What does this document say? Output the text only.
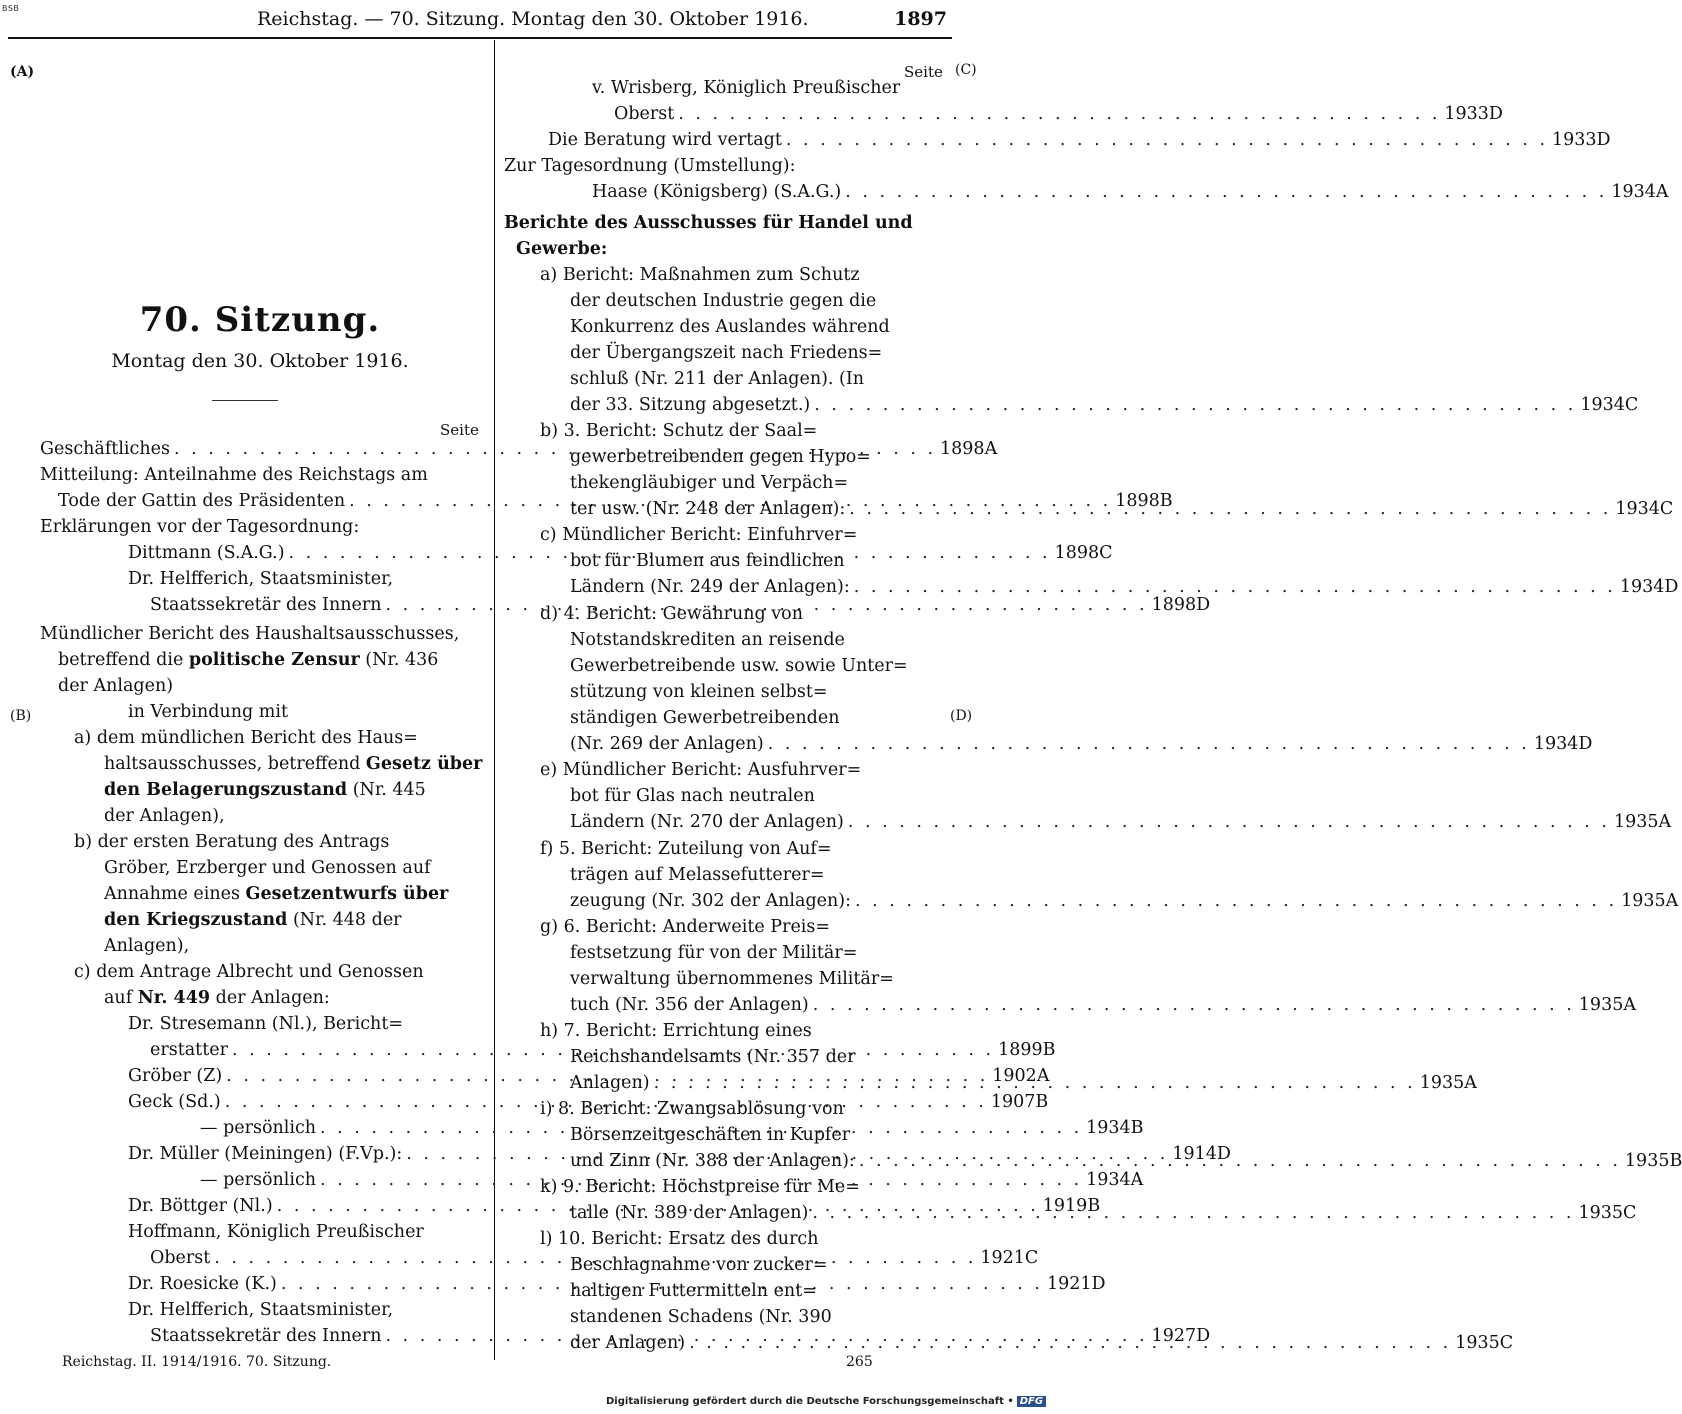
BSB	Reichstag. — 70. Sitzung. Montag den 30. Oktober 1916.	1897
(A)
(B)
(C)
(D)
70. Sitzung.
Montag den 30. Oktober 1916.
Seite
Geschäftliches . . .	1898A
Mitteilung: Anteilnahme des Reichstags am
Tode der Gattin des Präsidenten . . .	1898B
Erklärungen vor der Tagesordnung:
Dittmann (S.A.G.) . . .	1898C
Dr. Helfferich, Staatsminister,
Staatssekretär des Innern . . .	1898D
Mündlicher Bericht des Haushaltsausschusses,
betreffend die politische Zensur (Nr. 436
der Anlagen)
in Verbindung mit
a) dem mündlichen Bericht des Haus=
haltsausschusses, betreffend Gesetz über
den Belagerungszustand (Nr. 445
der Anlagen),
b) der ersten Beratung des Antrags
Gröber, Erzberger und Genossen auf
Annahme eines Gesetzentwurfs über
den Kriegszustand (Nr. 448 der
Anlagen),
c) dem Antrage Albrecht und Genossen
auf Nr. 449 der Anlagen:
Dr. Stresemann (Nl.), Bericht=
erstatter . . .	1899B
Gröber (Z) . . .	1902A
Geck (Sd.) . . .	1907B
— persönlich . . .	1934B
Dr. Müller (Meiningen) (F.Vp.): . . .	1914D
— persönlich . . .	1934A
Dr. Böttger (Nl.) . . .	1919B
Hoffmann, Königlich Preußischer
Oberst . . .	1921C
Dr. Roesicke (K.) . . .	1921D
Dr. Helfferich, Staatsminister,
Staatssekretär des Innern . . .	1927D
Seite
v. Wrisberg, Königlich Preußischer
Oberst . . .	1933D
Die Beratung wird vertagt . . .	1933D
Zur Tagesordnung (Umstellung):
Haase (Königsberg) (S.A.G.) . . .	1934A
Berichte des Ausschusses für Handel und
Gewerbe:
a) Bericht: Maßnahmen zum Schutz
der deutschen Industrie gegen die
Konkurrenz des Auslandes während
der Übergangszeit nach Friedens=
schluß (Nr. 211 der Anlagen). (In
der 33. Sitzung abgesetzt.) . . .	1934C
b) 3. Bericht: Schutz der Saal=
gewerbetreibenden gegen Hypo=
thekengläubiger und Verpäch=
ter usw. (Nr. 248 der Anlagen): . . .	1934C
c) Mündlicher Bericht: Einfuhrver=
bot für Blumen aus feindlichen
Ländern (Nr. 249 der Anlagen): . . .	1934D
d) 4. Bericht: Gewährung von
Notstandskrediten an reisende
Gewerbetreibende usw. sowie Unter=
stützung von kleinen selbst=
ständigen Gewerbetreibenden
(Nr. 269 der Anlagen) . . .	1934D
e) Mündlicher Bericht: Ausfuhrver=
bot für Glas nach neutralen
Ländern (Nr. 270 der Anlagen) . . .	1935A
f) 5. Bericht: Zuteilung von Auf=
trägen auf Melassefutterer=
zeugung (Nr. 302 der Anlagen): . . .	1935A
g) 6. Bericht: Anderweite Preis=
festsetzung für von der Militär=
verwaltung übernommenes Militär=
tuch (Nr. 356 der Anlagen) . . .	1935A
h) 7. Bericht: Errichtung eines
Reichshandelsamts (Nr. 357 der
Anlagen) . . .	1935A
i) 8. Bericht: Zwangsablösung von
Börsenzeitgeschäften in Kupfer
und Zinn (Nr. 388 der Anlagen): . . .	1935B
k) 9. Bericht: Höchstpreise für Me=
talle (Nr. 389 der Anlagen) . . .	1935C
l) 10. Bericht: Ersatz des durch
Beschlagnahme von zucker=
haltigen Futtermitteln ent=
standenen Schadens (Nr. 390
der Anlagen) . . .	1935C
Reichstag. II. 1914/1916. 70. Sitzung.	265
Digitalisierung gefördert durch die Deutsche Forschungsgemeinschaft • DFG
